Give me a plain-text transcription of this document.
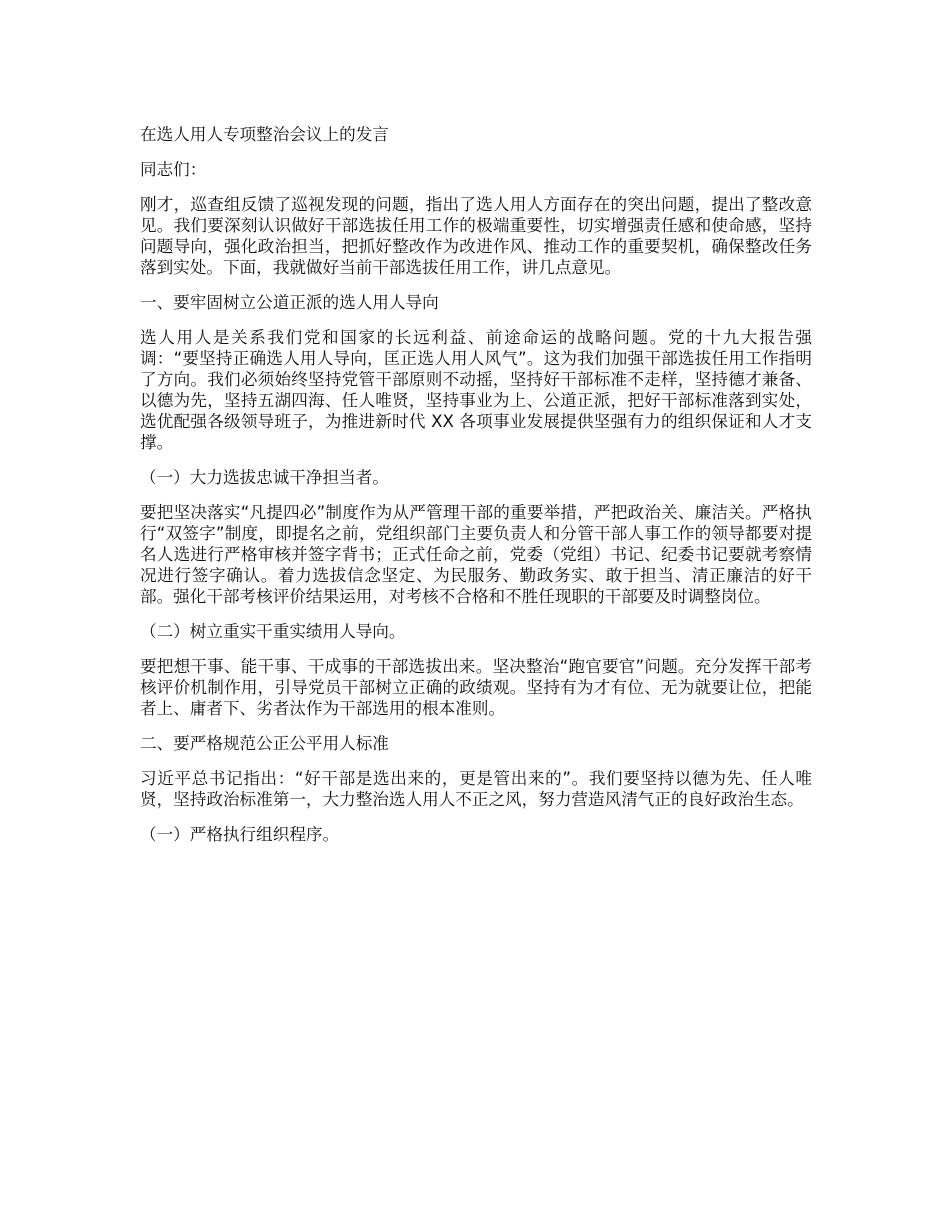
在选人用人专项整治会议上的发言

同志们：

刚才，巡查组反馈了巡视发现的问题，指出了选人用人方面存在的突出问题，提出了整改意见。我们要深刻认识做好干部选拔任用工作的极端重要性，切实增强责任感和使命感，坚持问题导向，强化政治担当，把抓好整改作为改进作风、推动工作的重要契机，确保整改任务落到实处。下面，我就做好当前干部选拔任用工作，讲几点意见。

一、要牢固树立公道正派的选人用人导向

选人用人是关系我们党和国家的长远利益、前途命运的战略问题。党的十九大报告强调：“要坚持正确选人用人导向，匡正选人用人风气”。这为我们加强干部选拔任用工作指明了方向。我们必须始终坚持党管干部原则不动摇，坚持好干部标准不走样，坚持德才兼备、以德为先，坚持五湖四海、任人唯贤，坚持事业为上、公道正派，把好干部标准落到实处，选优配强各级领导班子，为推进新时代 XX 各项事业发展提供坚强有力的组织保证和人才支撑。

（一）大力选拔忠诚干净担当者。

要把坚决落实“凡提四必”制度作为从严管理干部的重要举措，严把政治关、廉洁关。严格执行“双签字”制度，即提名之前，党组织部门主要负责人和分管干部人事工作的领导都要对提名人选进行严格审核并签字背书；正式任命之前，党委（党组）书记、纪委书记要就考察情况进行签字确认。着力选拔信念坚定、为民服务、勤政务实、敢于担当、清正廉洁的好干部。强化干部考核评价结果运用，对考核不合格和不胜任现职的干部要及时调整岗位。

（二）树立重实干重实绩用人导向。

要把想干事、能干事、干成事的干部选拔出来。坚决整治“跑官要官”问题。充分发挥干部考核评价机制作用，引导党员干部树立正确的政绩观。坚持有为才有位、无为就要让位，把能者上、庸者下、劣者汰作为干部选用的根本准则。

二、要严格规范公正公平用人标准

习近平总书记指出：“好干部是选出来的，更是管出来的”。我们要坚持以德为先、任人唯贤，坚持政治标准第一，大力整治选人用人不正之风，努力营造风清气正的良好政治生态。

（一）严格执行组织程序。
